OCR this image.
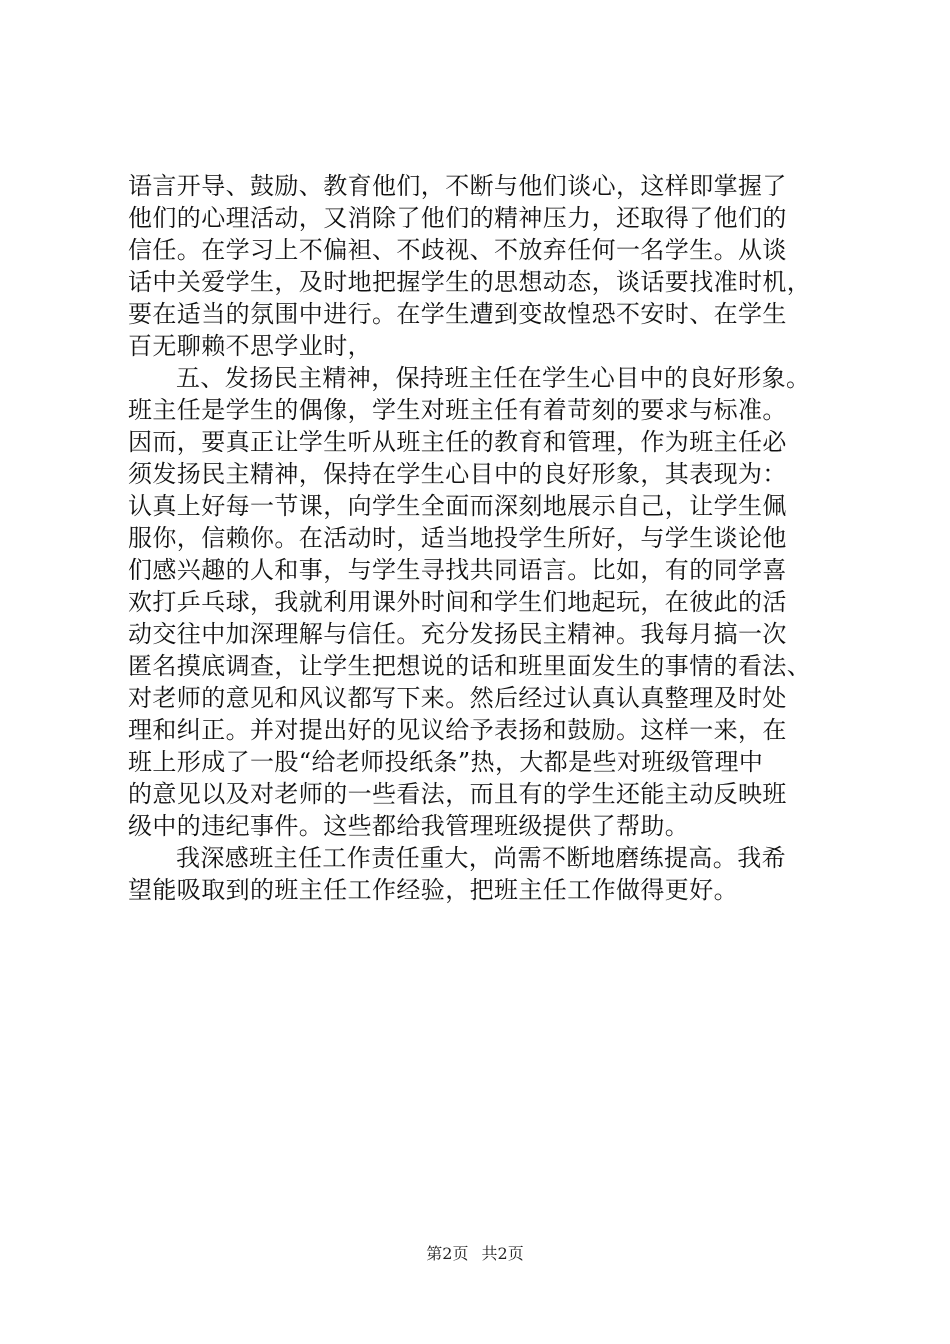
语言开导、鼓励、教育他们，不断与他们谈心，这样即掌握了
他们的心理活动，又消除了他们的精神压力，还取得了他们的
信任。在学习上不偏袒、不歧视、不放弃任何一名学生。从谈
话中关爱学生，及时地把握学生的思想动态，谈话要找准时机，
要在适当的氛围中进行。在学生遭到变故惶恐不安时、在学生
百无聊赖不思学业时，
五、发扬民主精神，保持班主任在学生心目中的良好形象。
班主任是学生的偶像，学生对班主任有着苛刻的要求与标准。
因而，要真正让学生听从班主任的教育和管理，作为班主任必
须发扬民主精神，保持在学生心目中的良好形象，其表现为：
认真上好每一节课，向学生全面而深刻地展示自己，让学生佩
服你，信赖你。在活动时，适当地投学生所好，与学生谈论他
们感兴趣的人和事，与学生寻找共同语言。比如，有的同学喜
欢打乒乓球，我就利用课外时间和学生们地起玩，在彼此的活
动交往中加深理解与信任。充分发扬民主精神。我每月搞一次
匿名摸底调查，让学生把想说的话和班里面发生的事情的看法、
对老师的意见和风议都写下来。然后经过认真认真整理及时处
理和纠正。并对提出好的见议给予表扬和鼓励。这样一来，在
班上形成了一股“给老师投纸条”热，大都是些对班级管理中
的意见以及对老师的一些看法，而且有的学生还能主动反映班
级中的违纪事件。这些都给我管理班级提供了帮助。
我深感班主任工作责任重大，尚需不断地磨练提高。我希
望能吸取到的班主任工作经验，把班主任工作做得更好。
第2页 共2页
